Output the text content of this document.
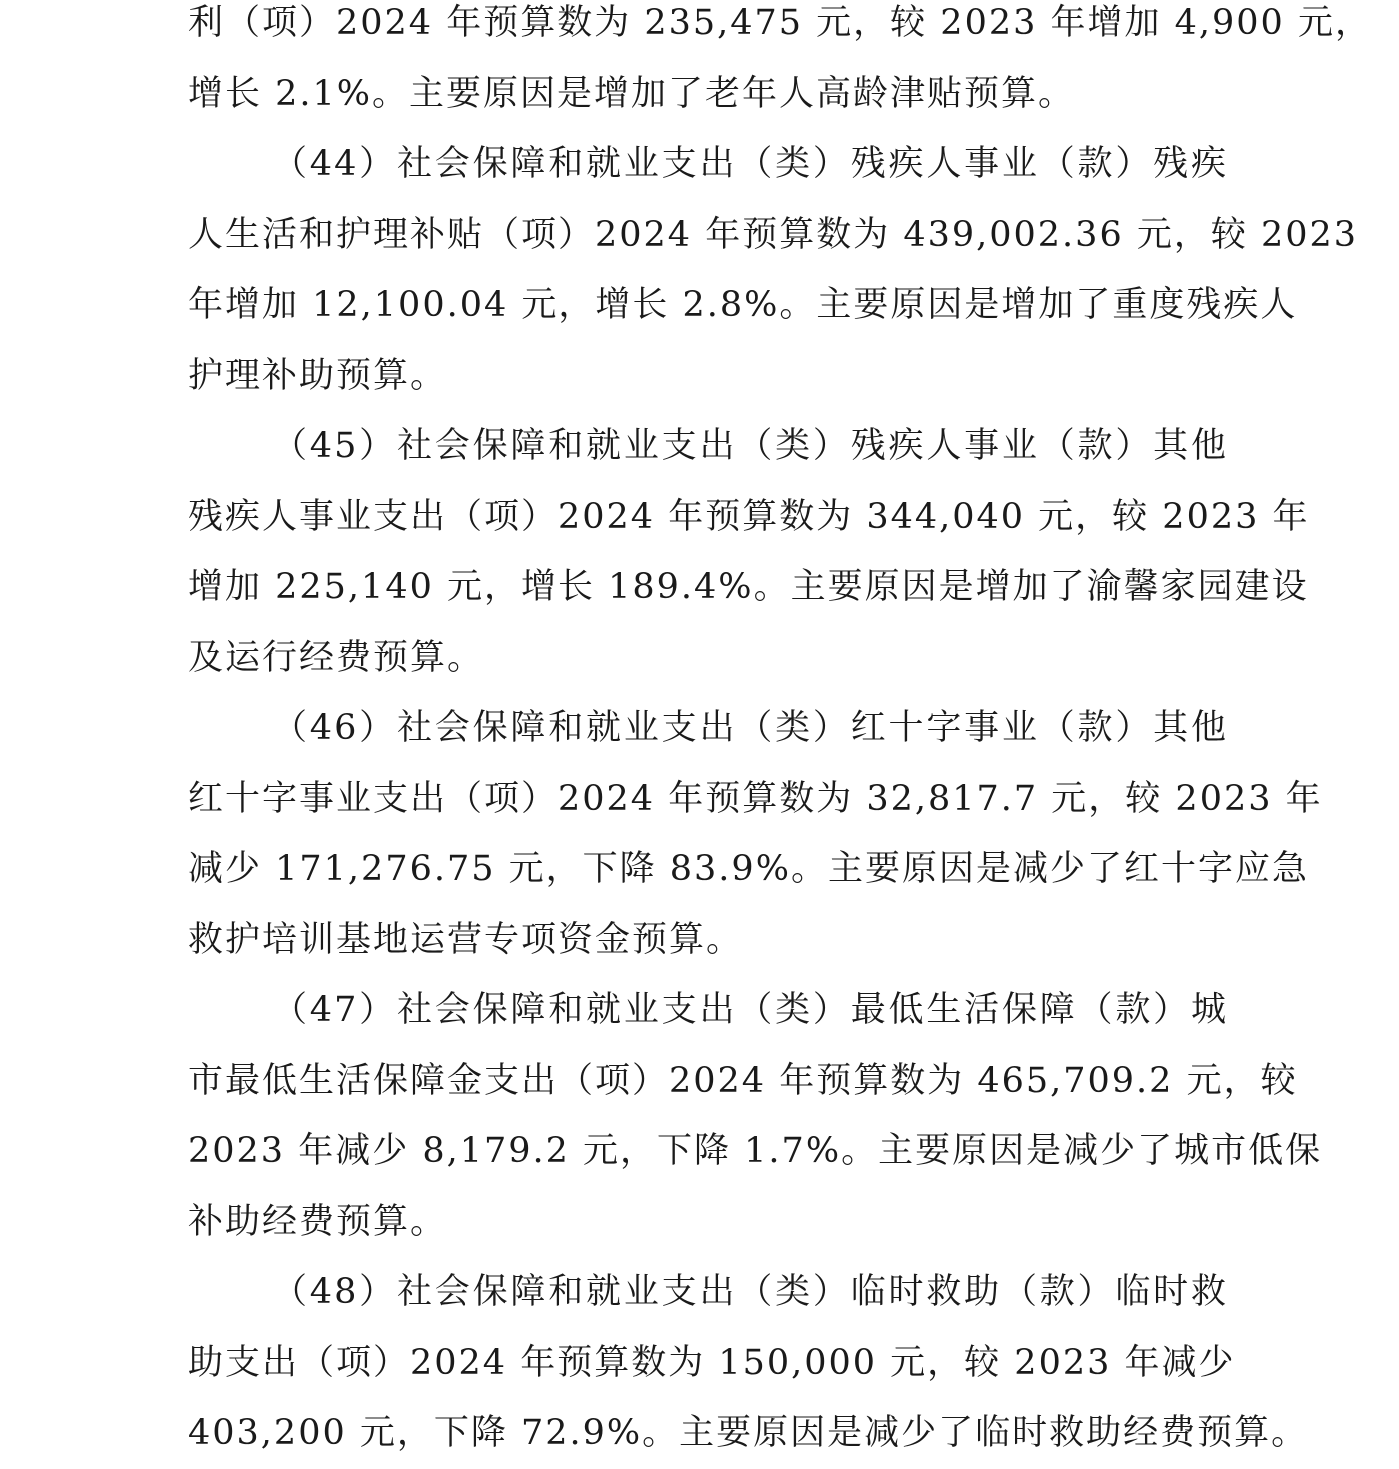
利（项）2024 年预算数为 235,475 元，较 2023 年增加 4,900 元，
增长 2.1%。主要原因是增加了老年人高龄津贴预算。
（44）社会保障和就业支出（类）残疾人事业（款）残疾
人生活和护理补贴（项）2024 年预算数为 439,002.36 元，较 2023
年增加 12,100.04 元，增长 2.8%。主要原因是增加了重度残疾人
护理补助预算。
（45）社会保障和就业支出（类）残疾人事业（款）其他
残疾人事业支出（项）2024 年预算数为 344,040 元，较 2023 年
增加 225,140 元，增长 189.4%。主要原因是增加了渝馨家园建设
及运行经费预算。
（46）社会保障和就业支出（类）红十字事业（款）其他
红十字事业支出（项）2024 年预算数为 32,817.7 元，较 2023 年
减少 171,276.75 元，下降 83.9%。主要原因是减少了红十字应急
救护培训基地运营专项资金预算。
（47）社会保障和就业支出（类）最低生活保障（款）城
市最低生活保障金支出（项）2024 年预算数为 465,709.2 元，较
2023 年减少 8,179.2 元，下降 1.7%。主要原因是减少了城市低保
补助经费预算。
（48）社会保障和就业支出（类）临时救助（款）临时救
助支出（项）2024 年预算数为 150,000 元，较 2023 年减少
403,200 元，下降 72.9%。主要原因是减少了临时救助经费预算。
